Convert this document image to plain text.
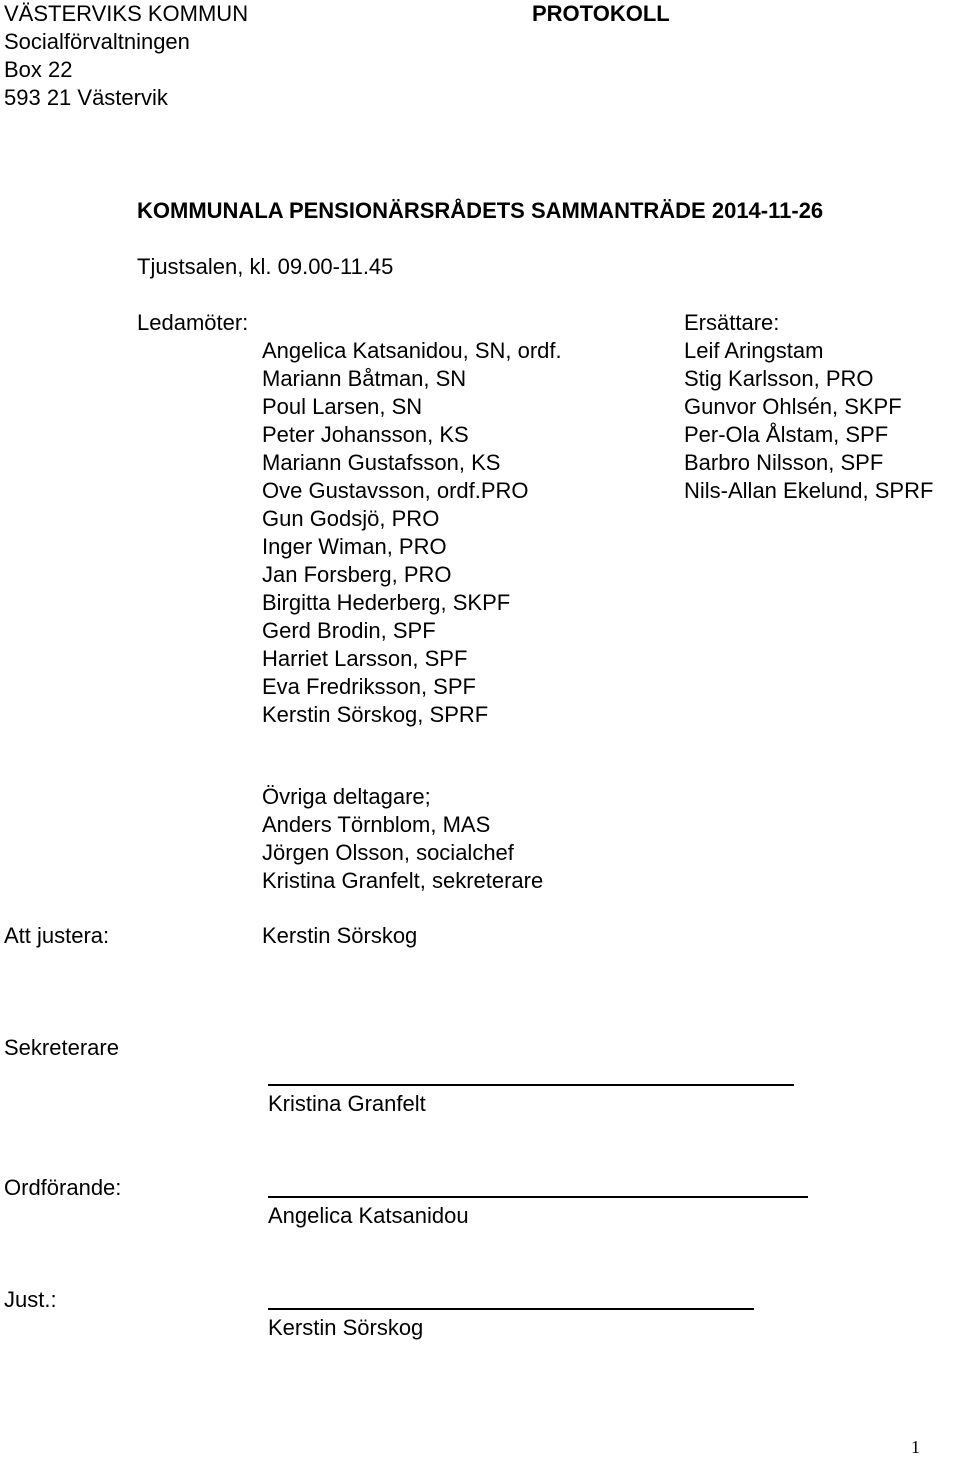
VÄSTERVIKS KOMMUN
Socialförvaltningen
Box 22
593 21 Västervik
PROTOKOLL
KOMMUNALA PENSIONÄRSRÅDETS SAMMANTRÄDE 2014-11-26
Tjustsalen, kl. 09.00-11.45
Ledamöter:
Angelica Katsanidou, SN, ordf.
Mariann Båtman, SN
Poul Larsen, SN
Peter Johansson, KS
Mariann Gustafsson, KS
Ove Gustavsson, ordf.PRO
Gun Godsjö, PRO
Inger Wiman, PRO
Jan Forsberg, PRO
Birgitta Hederberg, SKPF
Gerd Brodin, SPF
Harriet Larsson, SPF
Eva Fredriksson, SPF
Kerstin Sörskog, SPRF
Ersättare:
Leif Aringstam
Stig Karlsson, PRO
Gunvor Ohlsén, SKPF
Per-Ola Ålstam, SPF
Barbro Nilsson, SPF
Nils-Allan Ekelund, SPRF
Övriga deltagare;
Anders Törnblom, MAS
Jörgen Olsson, socialchef
Kristina Granfelt, sekreterare
Att justera:	Kerstin Sörskog
Sekreterare
Kristina Granfelt
Ordförande:
Angelica Katsanidou
Just.:
Kerstin Sörskog
1
